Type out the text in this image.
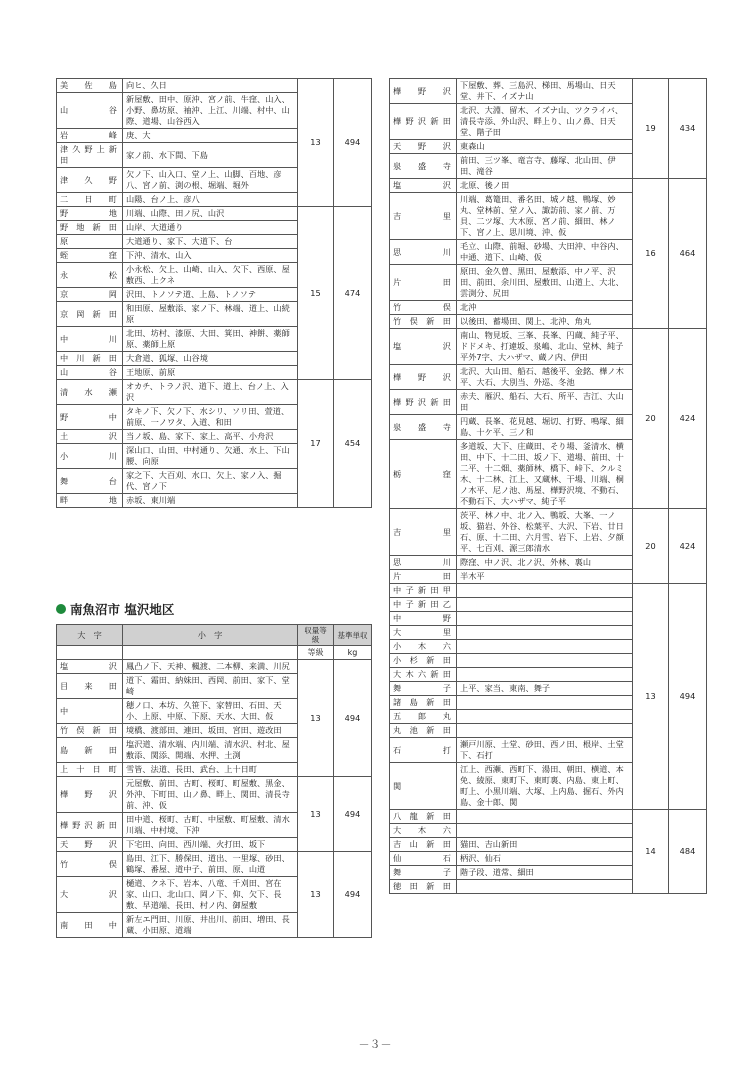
美佐島	向ヒ、久日	13	494
山谷	新屋敷、田中、原沖、宮ノ前、牛窪、山入、小野、鼻坊原、袖沖、上江、川端、村中、山際、道場、山谷西入		
岩峰	庚、大		
津久野上新田	家ノ前、水下間、下島		
津久野	欠ノ下、山入口、堂ノ上、山脚、百地、彦八、宮ノ前、渕の根、堀端、堀外		
二日町	山陽、台ノ上、彦八		
野地	川端、山際、田ノ尻、山沢	15	474
野地新田	山岸、大道通り		
原	大道通り、家下、大道下、台		
蛭窪	下沖、清水、山入		
永松	小永松、欠上、山崎、山入、欠下、西原、屋敷西、上クネ		
京岡	沢田、トノソテ道、上島、トノソテ		
京岡新田	和田原、屋敷添、家ノ下、林端、道上、山続原		
中川	北田、坊村、漆原、大田、箕田、神餅、薬師原、薬師上原		
中川新田	大倉道、狐塚、山谷境		
山谷	王地原、前原		
清水瀬	オカチ、トラノ沢、道下、道上、台ノ上、入沢	17	454
野中	タキノ下、欠ノ下、水シリ、ソリ田、萱道、前原、一ノワタ、入道、和田		
土沢	当ノ坂、島、家下、家上、高平、小舟沢		
小川	深山口、山田、中村通り、欠通、水上、下山腰、向原		
舞台	家之下、大百刈、水口、欠上、家ノ入、掘代、宮ノ下		
畔地	赤坂、東川端		
南魚沼市 塩沢地区
大　字	小　字	収量等級	基準単収
		等級	kg
塩沢	鳳凸ノ下、天神、楓渡、二本柳、来満、川尻	13	494
目来田	道下、霜田、納妹田、西岡、前田、家下、堂崎		
中	穂ノ口、本坊、久笹下、家替田、石田、天小、上原、中原、下原、天水、大田、仮		
竹俣新田	境橋、渡部田、連田、坂田、宮田、遊改田		
島新田	塩沢道、清水端、内川端、清水沢、村北、屋敷添、関添、開端、水押、土渕		
上十日町	雪皆、法道、長田、武台、上十日町		
樺野沢	元屋敷、前田、古町、桜町、町屋敷、黒金、外沖、下町田、山ノ鼻、畔上、関田、清長寺前、沖、仮	13	494
樺野沢新田	田中道、桜町、古町、中屋敷、町屋敷、清水川端、中村境、下沖		
天野沢	下宅田、向田、西川端、火打田、坂下		
竹俣	島田、江下、勝保田、道出、一里塚、砂田、鶴塚、番屋、道中子、前田、原、山道	13	494
大沢	樋道、クネ下、岩本、八竜、千刈田、宮在家、山口、北山口、岡ノ下、仰、欠下、長敷、早道端、長田、村ノ内、御屋敷		
南田中	新左エ門田、川原、井出川、前田、増田、長蔵、小田原、道端		
樺野沢	下屋敷、葬、三島沢、梯田、馬場山、日天堂、井下、イズナ山	19	434
樺野沢新田	北沢、大淵、留木、イズナ山、ツクライバ、清長寺添、外山沢、畔上り、山ノ鼻、日天堂、階子田		
天野沢	東森山		
泉盛寺	前田、三ツ峯、竜言寺、藤塚、北山田、伊田、滝谷		
塩沢	北原、後ノ田	16	464
吉里	川端、葛篭田、番名田、城ノ越、鴨塚、妙丸、堂林前、堂ノ入、諏訪前、家ノ前、万貝、二ツ塚、大木原、宮ノ前、細田、林ノ下、宮ノ上、思川境、沖、仮		
思川	毛立、山際、前堀、砂場、大田沖、中谷内、中通、道下、山崎、仮		
片田	原田、金久曽、黒田、屋敷添、中ノ平、沢田、前田、余川田、屋敷田、山道上、大北、雲渕分、尻田		
竹俣	北沖		
竹俣新田	以後田、蓄場田、関上、北沖、角丸		
塩沢	南山、物見坂、三峯、長峯、円蔵、純子平、ドドメキ、打違坂、泉嶋、北山、堂林、純子平外7字、大ハザマ、蔵ノ内、伊田	20	424
樺野沢	北沢、大山田、船石、越後平、金銘、樺ノ木平、大石、大別当、外巡、冬池		
樺野沢新田	赤夫、雁沢、船石、大石、所平、吉江、大山田		
泉盛寺	円蔵、長峯、花見越、堀切、打野、鳴塚、細島、十ケ平、三ノ和		
栃窪	多道坂、大下、庄蔵田、そり場、釜清水、横田、中下、十二田、坂ノ下、道場、前田、十二平、十二畑、薬師林、橋下、峠下、クルミ木、十二林、江上、又蔵林、干場、川端、桐ノ木平、尼ノ池、馬屋、樺野沢境、不動石、不動石下、大ハザマ、純子平		
吉里	茨平、林ノ中、北ノ入、鴨坂、大峯、一ノ坂、猫岩、外谷、松葉平、大沢、下岩、廿日石、原、十二田、六月雪、岩下、上岩、夕顔平、七百刈、源三郎清水	20	424
思川	際窪、中ノ沢、北ノ沢、外林、裏山		
片田	半木平		
中子新田甲		13	494
中子新田乙			
中野			
大里			
小木六			
小杉新田			
大木六新田			
舞子	上平、家当、東南、舞子		
諸島新田			
五郎丸			
丸池新田			
石打	瀬戸川原、土堂、砂田、西ノ田、根岸、土堂下、石打		
関	江上、西瀬、西町下、湯田、朝田、横道、本免、綾原、東町下、東町裏、内島、東上町、町上、小黒川端、大塚、上内島、掘石、外内島、金十郎、関		
八龍新田		14	484
大木六			
吉山新田	猫田、吉山新田		
仙石	柄沢、仙石		
舞子	階子段、道常、細田		
徳田新田			
－３－
